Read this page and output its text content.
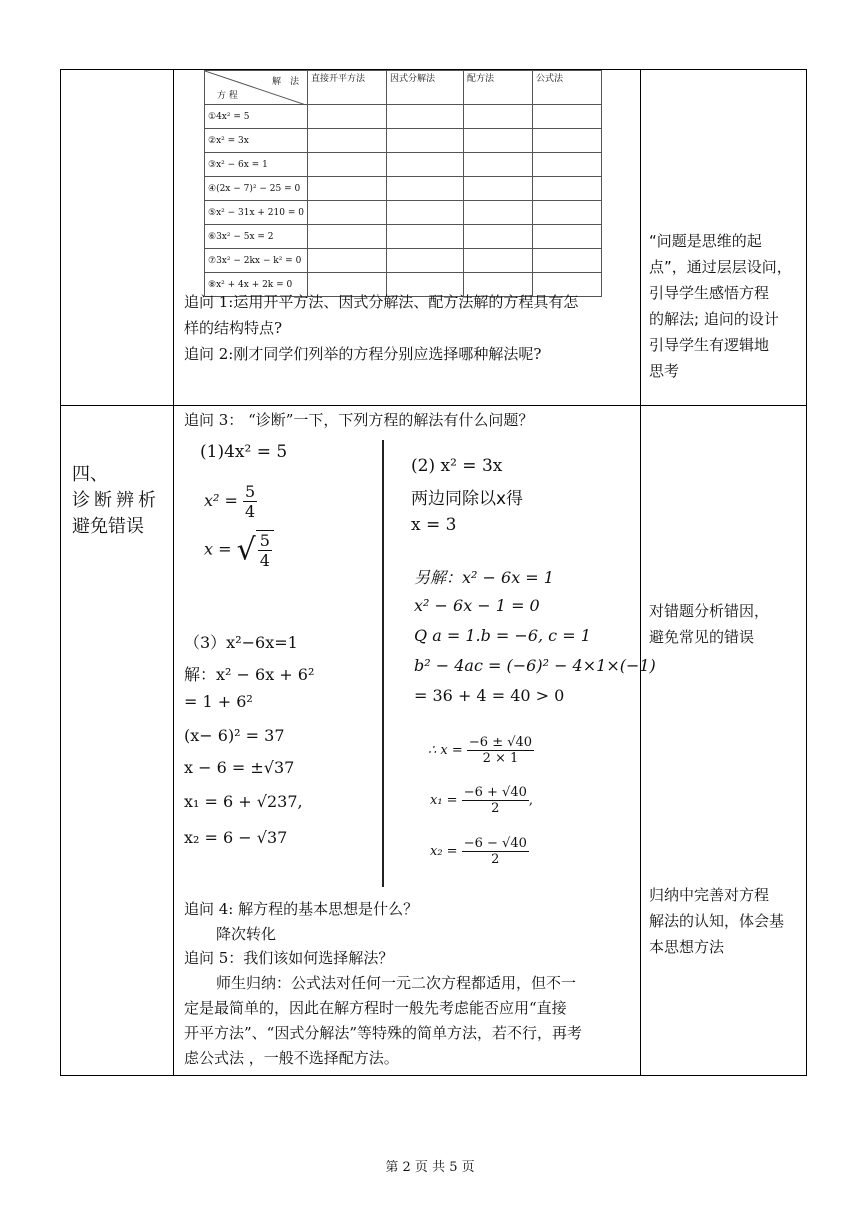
解　法
方 程	直接开平方法	因式分解法	配方法	公式法
①4x² = 5				
②x² = 3x				
③x² − 6x = 1				
④(2x − 7)² − 25 = 0				
⑤x² − 31x + 210 = 0				
⑥3x² − 5x = 2				
⑦3x² − 2kx − k² = 0				
⑧x² + 4x + 2k = 0				
追问 1:运用开平方法、因式分解法、配方法解的方程具有怎
样的结构特点?
追问 2:刚才同学们列举的方程分别应选择哪种解法呢?
“问题是思维的起
点”，通过层层设问，
引导学生感悟方程
的解法; 追问的设计
引导学生有逻辑地
思考
四、
诊断辨析
避免错误
追问 3： “诊断”一下，下列方程的解法有什么问题？
(1)4x² = 5
$x^2 = \frac{5}{4}$
x = √ $\frac{5}{4}$
(2) x² = 3x
两边同除以x得
x = 3
（3）x²−6x=1
解：x² − 6x + 6²
= 1 + 6²
(x− 6)² = 37
x − 6 = ±√37
x₁ = 6 + √237,
x₂ = 6 − √37
另解：x² − 6x = 1
x² − 6x − 1 = 0
Q a = 1.b = −6, c = 1
b² − 4ac = (−6)² − 4×1×(−1)
= 36 + 4 = 40 > 0
∴ $x = \frac{-6 \pm √40}{2 \times 1}$
$x_1 = \frac{-6 + √40}{2}$ ,
$x_2 = \frac{-6 - √40}{2}$
追问 4: 解方程的基本思想是什么？
降次转化
追问 5：我们该如何选择解法？
师生归纳：公式法对任何一元二次方程都适用，但不一
定是最简单的，因此在解方程时一般先考虑能否应用“直接
开平方法”、“因式分解法”等特殊的简单方法，若不行，再考
虑公式法 ，一般不选择配方法。
对错题分析错因，
避免常见的错误
归纳中完善对方程
解法的认知，体会基
本思想方法
第 2 页 共 5 页
